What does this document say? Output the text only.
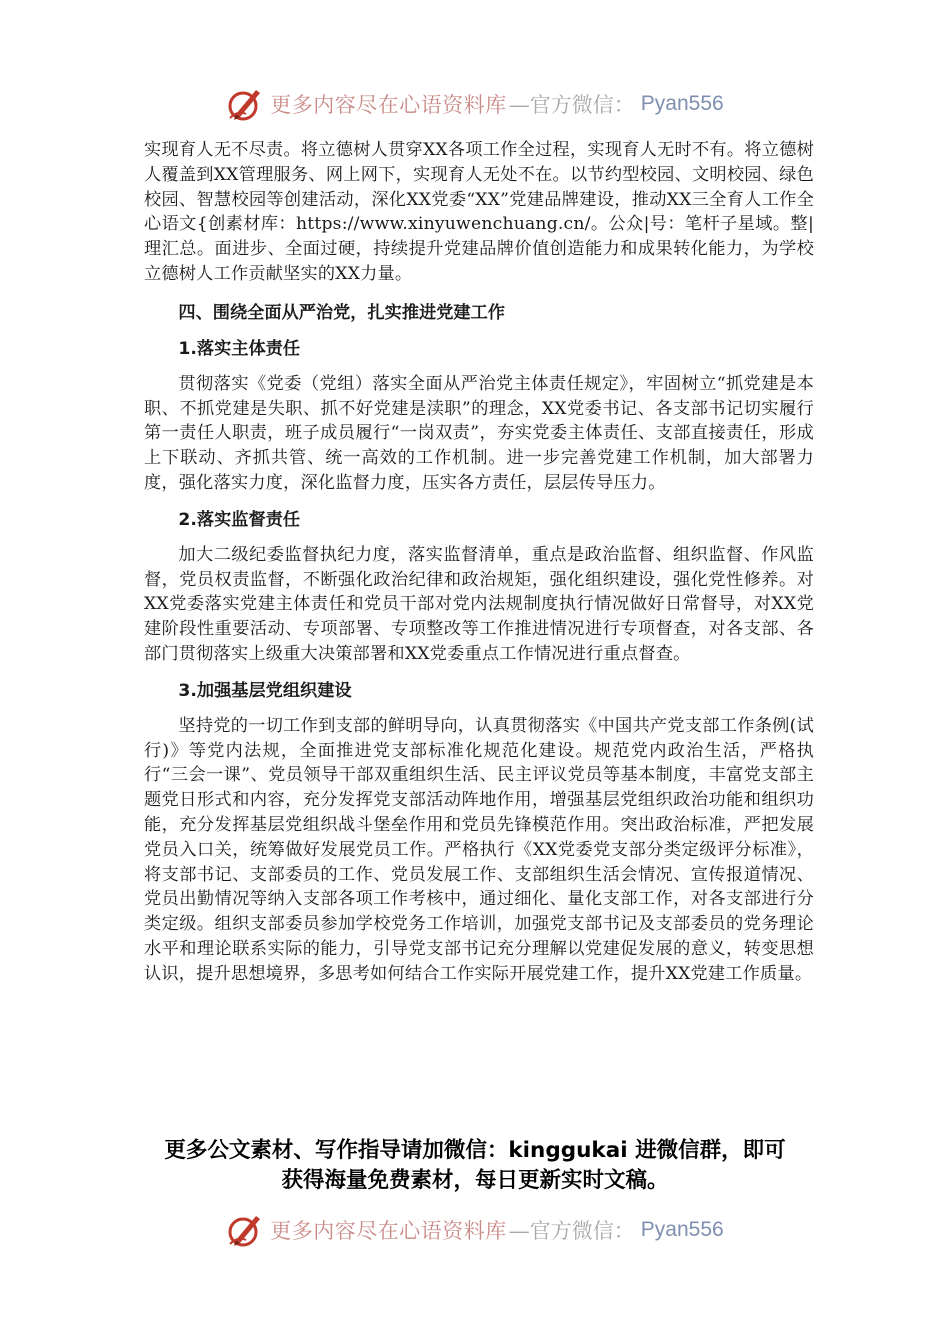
更多内容尽在心语资料库 —官方微信： Pyan556

实现育人无不尽责。将立德树人贯穿XX各项工作全过程，实现育人无时不有。将立德树人覆盖到XX管理服务、网上网下，实现育人无处不在。以节约型校园、文明校园、绿色校园、智慧校园等创建活动，深化XX党委“XX”党建品牌建设，推动XX三全育人工作全心语文{创素材库：https://www.xinyuwenchuang.cn/。公众|号：笔杆子星域。整|理汇总。面进步、全面过硬，持续提升党建品牌价值创造能力和成果转化能力，为学校立德树人工作贡献坚实的XX力量。

四、围绕全面从严治党，扎实推进党建工作
1.落实主体责任

贯彻落实《党委（党组）落实全面从严治党主体责任规定》，牢固树立“抓党建是本职、不抓党建是失职、抓不好党建是渎职”的理念，XX党委书记、各支部书记切实履行第一责任人职责，班子成员履行“一岗双责”，夯实党委主体责任、支部直接责任，形成上下联动、齐抓共管、统一高效的工作机制。进一步完善党建工作机制，加大部署力度，强化落实力度，深化监督力度，压实各方责任，层层传导压力。

2.落实监督责任

加大二级纪委监督执纪力度，落实监督清单，重点是政治监督、组织监督、作风监督，党员权责监督，不断强化政治纪律和政治规矩，强化组织建设，强化党性修养。对XX党委落实党建主体责任和党员干部对党内法规制度执行情况做好日常督导，对XX党建阶段性重要活动、专项部署、专项整改等工作推进情况进行专项督查，对各支部、各部门贯彻落实上级重大决策部署和XX党委重点工作情况进行重点督查。

3.加强基层党组织建设

坚持党的一切工作到支部的鲜明导向，认真贯彻落实《中国共产党支部工作条例(试行)》等党内法规，全面推进党支部标准化规范化建设。规范党内政治生活，严格执行“三会一课”、党员领导干部双重组织生活、民主评议党员等基本制度，丰富党支部主题党日形式和内容，充分发挥党支部活动阵地作用，增强基层党组织政治功能和组织功能，充分发挥基层党组织战斗堡垒作用和党员先锋模范作用。突出政治标准，严把发展党员入口关，统筹做好发展党员工作。严格执行《XX党委党支部分类定级评分标准》，将支部书记、支部委员的工作、党员发展工作、支部组织生活会情况、宣传报道情况、党员出勤情况等纳入支部各项工作考核中，通过细化、量化支部工作，对各支部进行分类定级。组织支部委员参加学校党务工作培训，加强党支部书记及支部委员的党务理论水平和理论联系实际的能力，引导党支部书记充分理解以党建促发展的意义，转变思想认识，提升思想境界，多思考如何结合工作实际开展党建工作，提升XX党建工作质量。

更多公文素材、写作指导请加微信：kinggukai 进微信群，即可
获得海量免费素材，每日更新实时文稿。
更多内容尽在心语资料库 —官方微信： Pyan556
